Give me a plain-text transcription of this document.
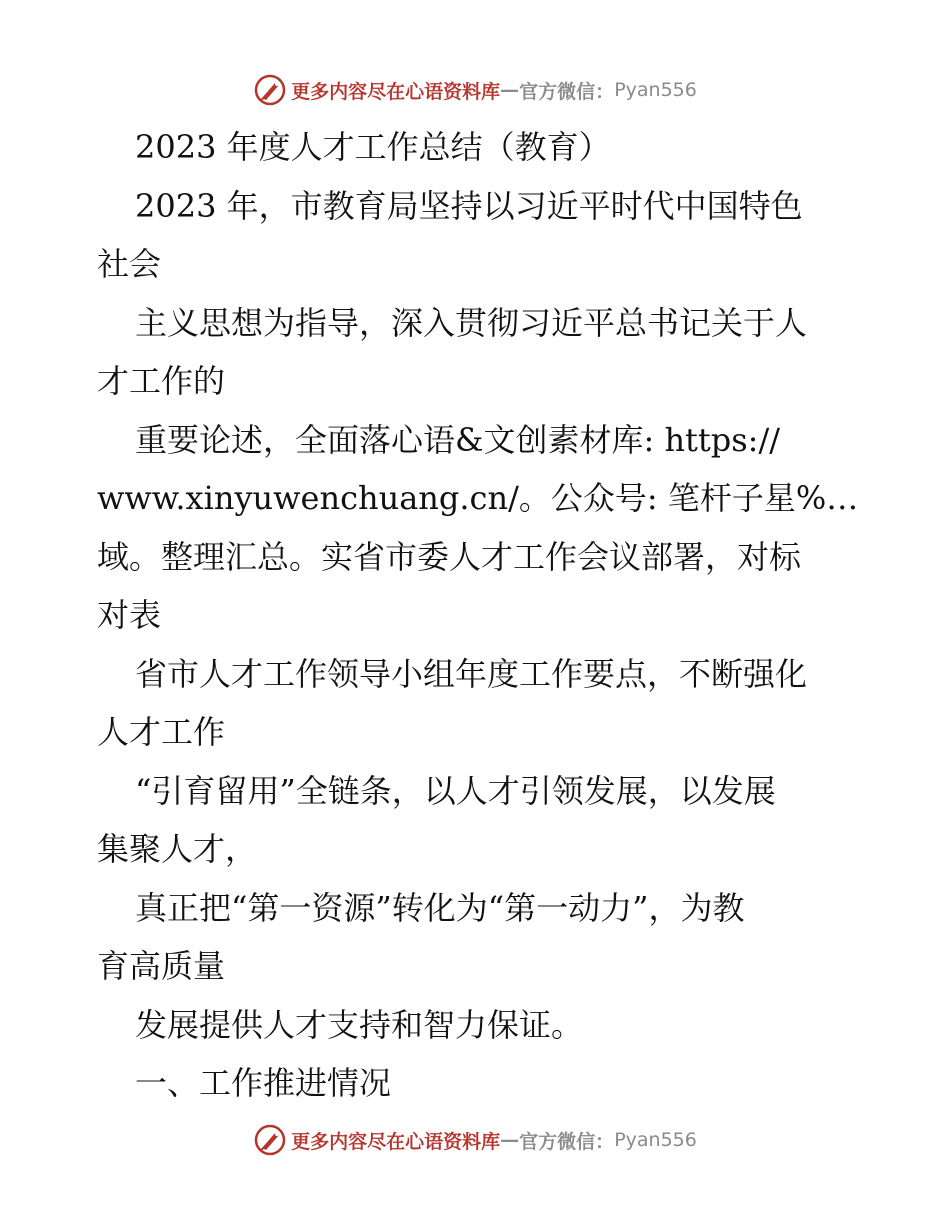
更多内容尽在心语资料库 — 官方微信： Pyan556
2023 年度人才工作总结（教育）
2023 年，市教育局坚持以习近平时代中国特色
社会
主义思想为指导，深入贯彻习近平总书记关于人
才工作的
重要论述，全面落心语&文创素材库: https://
www.xinyuwenchuang.cn/。公众号: 笔杆子星%…
域。整理汇总。实省市委人才工作会议部署，对标
对表
省市人才工作领导小组年度工作要点，不断强化
人才工作
“引育留用”全链条，以人才引领发展，以发展
集聚人才，
真正把“第一资源”转化为“第一动力”，为教
育高质量
发展提供人才支持和智力保证。
一、工作推进情况
更多内容尽在心语资料库 — 官方微信： Pyan556
